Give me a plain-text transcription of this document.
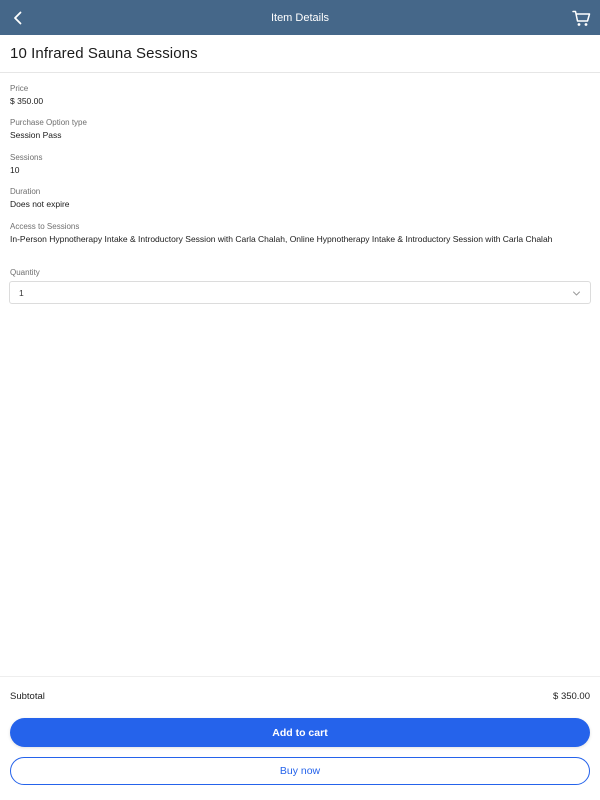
Item Details
10 Infrared Sauna Sessions
Price
$ 350.00
Purchase Option type
Session Pass
Sessions
10
Duration
Does not expire
Access to Sessions
In-Person Hypnotherapy Intake & Introductory Session with Carla Chalah, Online Hypnotherapy Intake & Introductory Session with Carla Chalah
Quantity
1
Subtotal	$ 350.00
Add to cart
Buy now
